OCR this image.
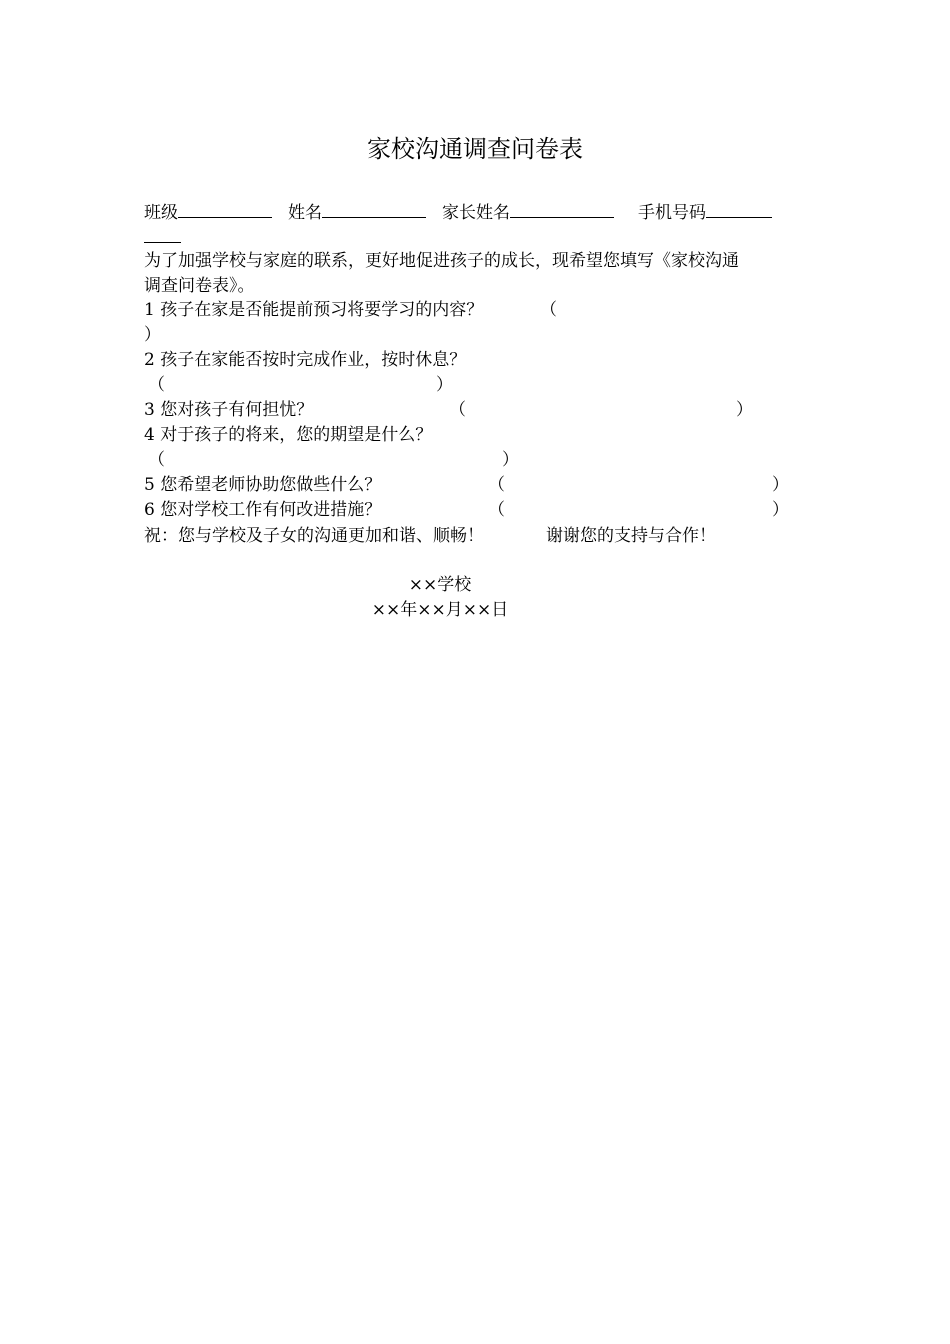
家校沟通调查问卷表
班级	姓名	家长姓名	手机号码
为了加强学校与家庭的联系，更好地促进孩子的成长，现希望您填写《家校沟通
调查问卷表》。
1 孩子在家是否能提前预习将要学习的内容？	（
）
2 孩子在家能否按时完成作业，按时休息？
（	）
3 您对孩子有何担忧？	（	）
4 对于孩子的将来，您的期望是什么？
（	）
5 您希望老师协助您做些什么？	（	）
6 您对学校工作有何改进措施？	（	）
祝：您与学校及子女的沟通更加和谐、顺畅！	谢谢您的支持与合作！
××学校
××年××月××日
